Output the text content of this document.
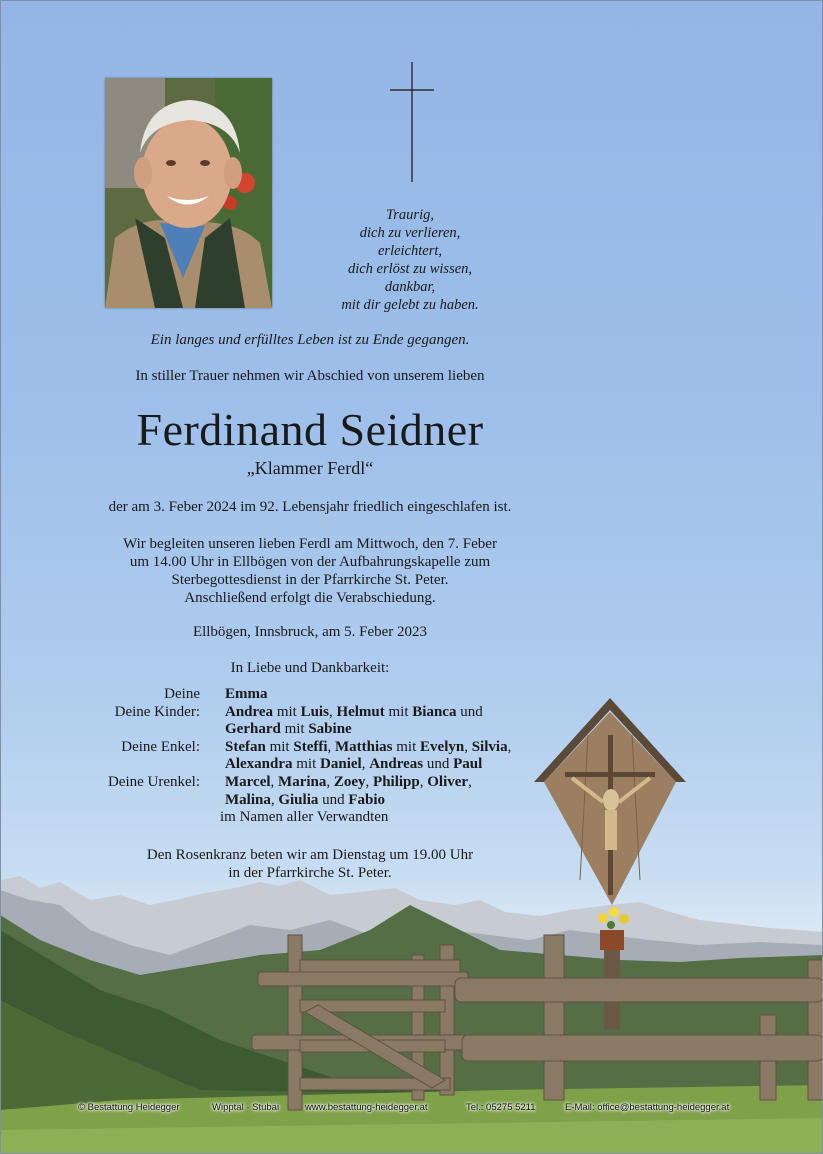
Traurig,
dich zu verlieren,
erleichtert,
dich erlöst zu wissen,
dankbar,
mit dir gelebt zu haben.
Ein langes und erfülltes Leben ist zu Ende gegangen.
In stiller Trauer nehmen wir Abschied von unserem lieben
Ferdinand Seidner
„Klammer Ferdl“
der am 3. Feber 2024 im 92. Lebensjahr friedlich eingeschlafen ist.
Wir begleiten unseren lieben Ferdl am Mittwoch, den 7. Feber
um 14.00 Uhr in Ellbögen von der Aufbahrungskapelle zum
Sterbegottesdienst in der Pfarrkirche St. Peter.
Anschließend erfolgt die Verabschiedung.
Ellbögen, Innsbruck, am 5. Feber 2023
In Liebe und Dankbarkeit:
Deine Emma
Deine Kinder: Andrea mit Luis, Helmut mit Bianca und
Gerhard mit Sabine
Deine Enkel: Stefan mit Steffi, Matthias mit Evelyn, Silvia,
Alexandra mit Daniel, Andreas und Paul
Deine Urenkel: Marcel, Marina, Zoey, Philipp, Oliver,
Malina, Giulia und Fabio
im Namen aller Verwandten
Den Rosenkranz beten wir am Dienstag um 19.00 Uhr
in der Pfarrkirche St. Peter.
© Bestattung Heidegger	Wipptal · Stubai	www.bestattung-heidegger.at	Tel.: 05275 5211	E-Mail: office@bestattung-heidegger.at
